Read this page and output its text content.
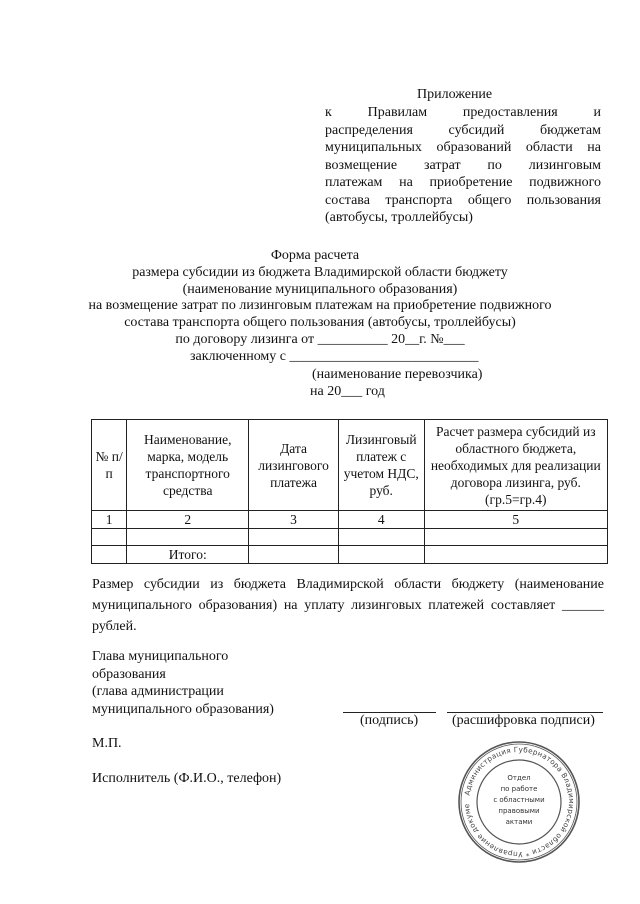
Приложение
к Правилам предоставления и
распределения субсидий бюджетам
муниципальных образований области на
возмещение затрат по лизинговым
платежам на приобретение подвижного
состава транспорта общего пользования
(автобусы, троллейбусы)
Форма расчета
размера субсидии из бюджета Владимирской области бюджету
(наименование муниципального образования)
на возмещение затрат по лизинговым платежам на приобретение подвижного
состава транспорта общего пользования (автобусы, троллейбусы)
по договору лизинга от __________ 20__г. №___
заключенному с ___________________________
(наименование перевозчика)
на 20___ год
№ п/п	Наименование, марка, модель транспортного средства	Дата лизингового платежа	Лизинговый платеж с учетом НДС, руб.	Расчет размера субсидий из областного бюджета, необходимых для реализации договора лизинга, руб. (гр.5=гр.4)
1	2	3	4	5

	Итого:			
Размер субсидии из бюджета Владимирской области бюджету (наименование муниципального образования) на уплату лизинговых платежей составляет ______ рублей.
Глава муниципального
образования
(глава администрации
муниципального образования)
(подпись) (расшифровка подписи)
М.П.
Исполнитель (Ф.И.О., телефон)
Администрация Губернатора Владимирской области * Управление докуме
Отдел
по работе
с областными
правовыми
актами
